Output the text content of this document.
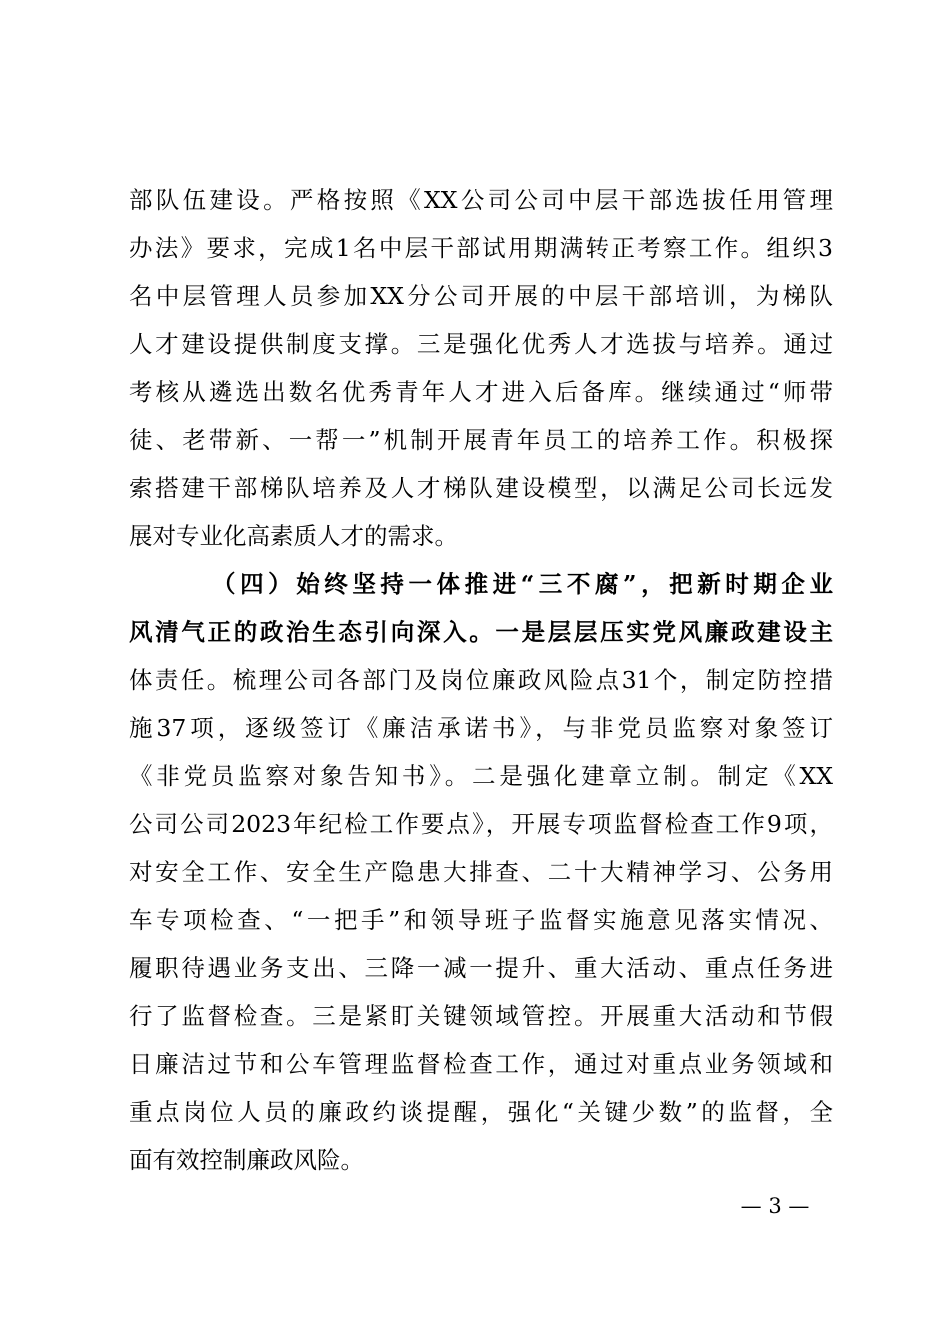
部队伍建设。严格按照《XX公司公司中层干部选拔任用管理
办法》要求，完成1名中层干部试用期满转正考察工作。组织3
名中层管理人员参加XX分公司开展的中层干部培训，为梯队
人才建设提供制度支撑。三是强化优秀人才选拔与培养。通过
考核从遴选出数名优秀青年人才进入后备库。继续通过“师带
徒、老带新、一帮一”机制开展青年员工的培养工作。积极探
索搭建干部梯队培养及人才梯队建设模型，以满足公司长远发
展对专业化高素质人才的需求。
（四）始终坚持一体推进“三不腐”，把新时期企业
风清气正的政治生态引向深入。一是层层压实党风廉政建设主
体责任。梳理公司各部门及岗位廉政风险点31个，制定防控措
施37项，逐级签订《廉洁承诺书》，与非党员监察对象签订
《非党员监察对象告知书》。二是强化建章立制。制定《XX
公司公司2023年纪检工作要点》，开展专项监督检查工作9项，
对安全工作、安全生产隐患大排查、二十大精神学习、公务用
车专项检查、“一把手”和领导班子监督实施意见落实情况、
履职待遇业务支出、三降一减一提升、重大活动、重点任务进
行了监督检查。三是紧盯关键领域管控。开展重大活动和节假
日廉洁过节和公车管理监督检查工作，通过对重点业务领域和
重点岗位人员的廉政约谈提醒，强化“关键少数”的监督，全
面有效控制廉政风险。
— 3 —
